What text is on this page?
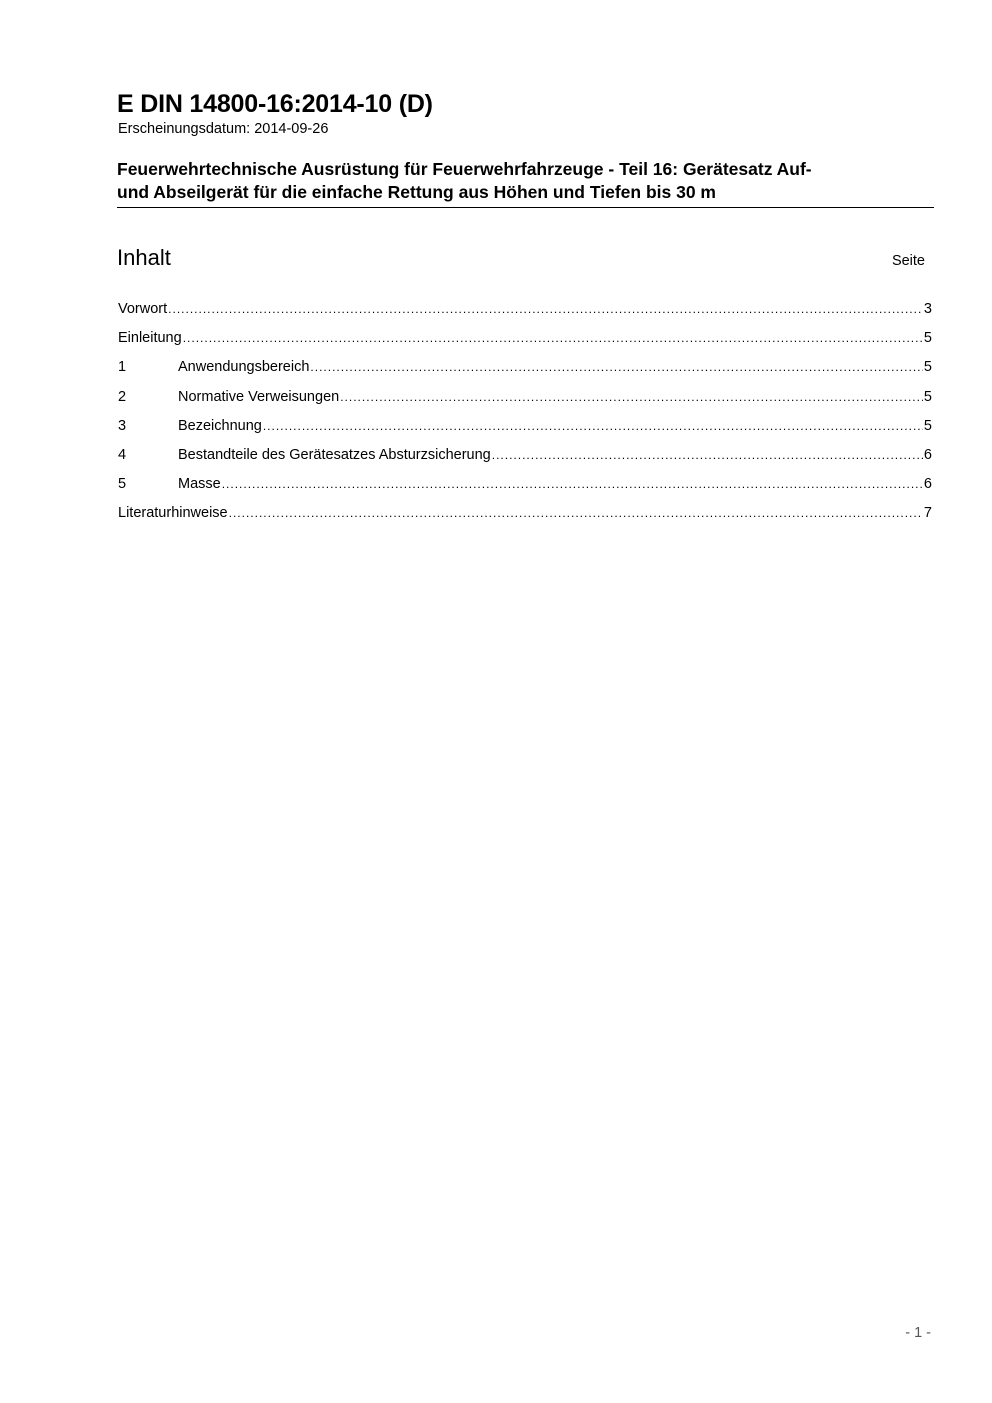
E DIN 14800-16:2014-10 (D)
Erscheinungsdatum: 2014-09-26
Feuerwehrtechnische Ausrüstung für Feuerwehrfahrzeuge - Teil 16: Gerätesatz Auf-
und Abseilgerät für die einfache Rettung aus Höhen und Tiefen bis 30 m
Inhalt	Seite
Vorwort .....	3
Einleitung .....	5
1	Anwendungsbereich .....	5
2	Normative Verweisungen .....	5
3	Bezeichnung .....	5
4	Bestandteile des Gerätesatzes Absturzsicherung .....	6
5	Masse .....	6
Literaturhinweise .....	7
- 1 -
